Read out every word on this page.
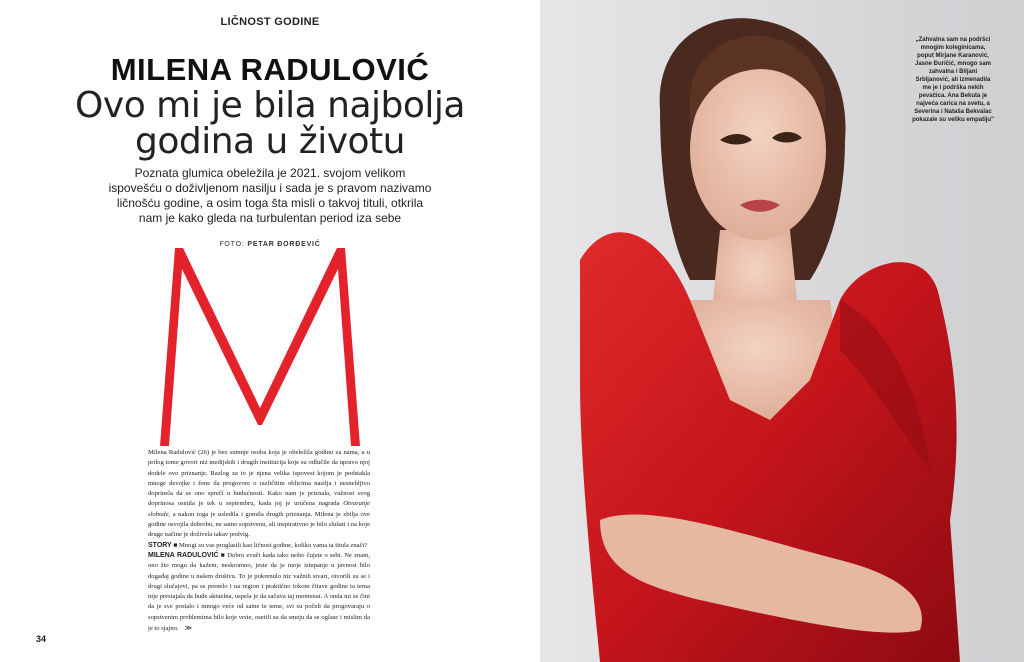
LIČNOST GODINE
MILENA RADULOVIĆ
Ovo mi je bila najbolja
godina u životu
Poznata glumica obeležila je 2021. svojom velikom
ispovešću o doživljenom nasilju i sada je s pravom nazivamo
ličnošću godine, a osim toga šta misli o takvoj tituli, otkrila
nam je kako gleda na turbulentan period iza sebe
FOTO: PETAR ĐORĐEVIĆ

Milena Radulović (26) je bez sumnje osoba koja je obeležila godinu za nama, a u prilog tome govori niz medijskih i drugih institucija koje su odlučile da upravo njoj dodele ovo priznanje. Razlog za to je njena velika ispovest kojom je podstakla mnoge devojke i žene da progovore o različitim oblicima nasilja i nesnebljivo doprinela da se ono sprečí u budućnosti. Kako nam je priznala, važnost svog doprinosa osetila je tek u septembru, kada joj je uručena nagrada Otvaranje slobode, a nakon toga je usledila i gomila drugih priznanja. Milena je zbilja ove godine osvojila dobrobu, ne samo sopstvenu, ali inspirativno je bilo slušati i na koje druge načine je doživela takav podvig.

STORY ■ Mnogi su vas proglasili kao ličnost godine, koliko vama ta titula znači?

MILENA RADULOVIĆ ■ Dobro zvuči kada tako nešto čujete o sebi. Ne znam, ono što mogu da kažem, neskromno, jeste da je moje istupanje u javnost bilo događaj godine u našem društvu. To je pokrenulo niz važnih stvari, otvorili su se i drugi slučajevi, pa se prenelo i na region i praktično tokom čitave godine ta tema nije prestajala da bude aktuelna, uspela je da sačuva taj momenat. A onda mi se čini da je sve postalo i mnogo veće od same te teme, svi su počeli da progovaraju o sopstvenim problemima bilo koje vrste, osetili su da smeju da se oglase i mislim da je to sjajno. ≫

34
„Zahvalna sam na podršci mnogim koleginicama, poput Mirjane Karanović, Jasne Đuričić, mnogo sam zahvalna i Biljani Srbljanović, ali izmenadila me je i podrška nekih pevačica. Ana Bekuta je najveća carica na svetu, a Severina i Nataša Bekvalac pokazale su veliku empatiju"
